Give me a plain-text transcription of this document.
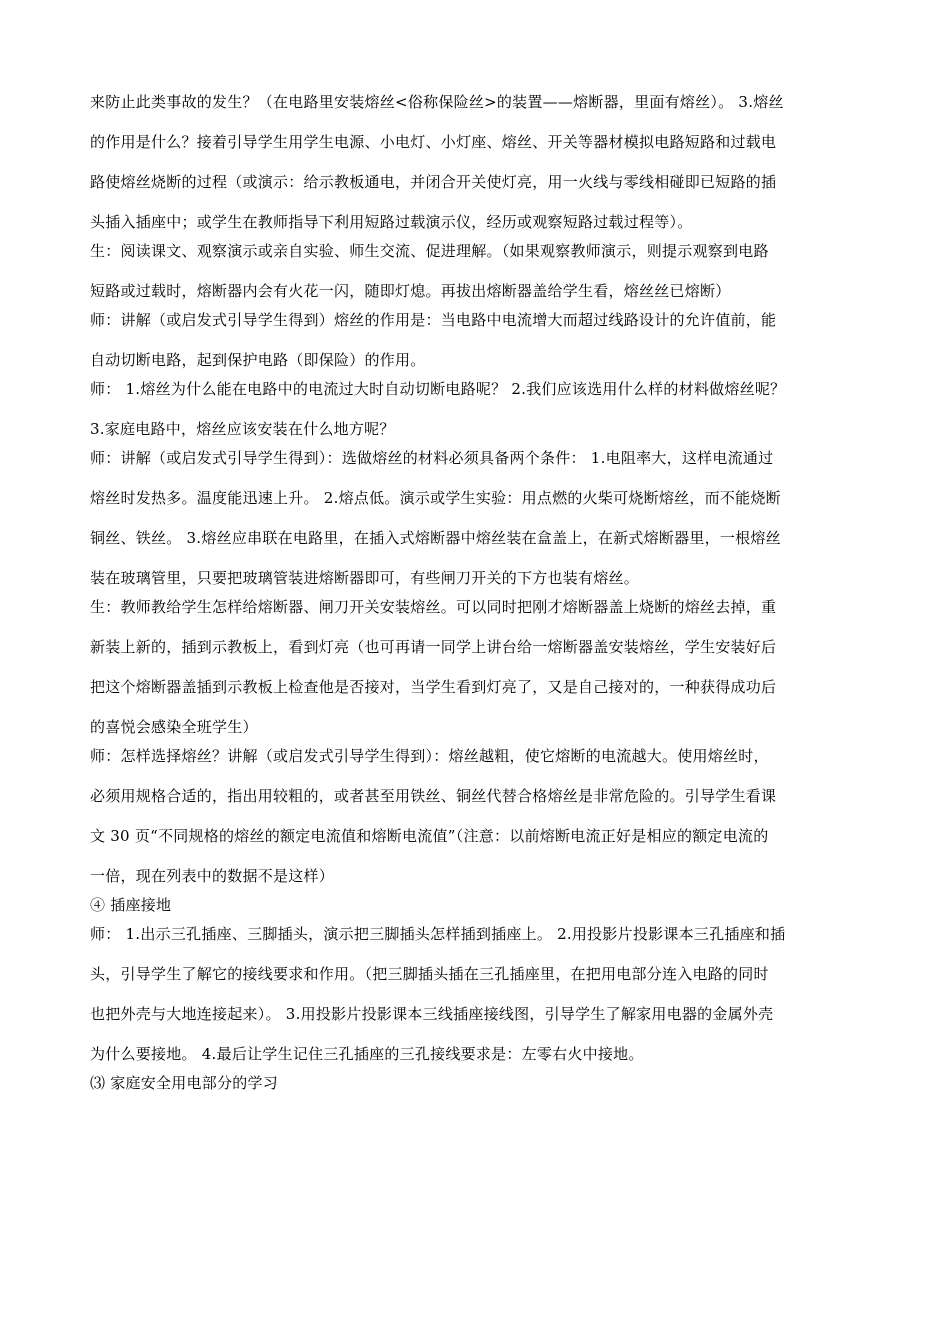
来防止此类事故的发生？（在电路里安装熔丝<俗称保险丝>的装置——熔断器，里面有熔丝）。 3.熔丝
的作用是什么？接着引导学生用学生电源、小电灯、小灯座、熔丝、开关等器材模拟电路短路和过载电
路使熔丝烧断的过程（或演示：给示教板通电，并闭合开关使灯亮，用一火线与零线相碰即已短路的插
头插入插座中；或学生在教师指导下利用短路过载演示仪，经历或观察短路过载过程等）。
生：阅读课文、观察演示或亲自实验、师生交流、促进理解。（如果观察教师演示，则提示观察到电路
短路或过载时，熔断器内会有火花一闪，随即灯熄。再拔出熔断器盖给学生看，熔丝丝已熔断）
师：讲解（或启发式引导学生得到）熔丝的作用是：当电路中电流增大而超过线路设计的允许值前，能
自动切断电路，起到保护电路（即保险）的作用。
师： 1.熔丝为什么能在电路中的电流过大时自动切断电路呢？ 2.我们应该选用什么样的材料做熔丝呢？
3.家庭电路中，熔丝应该安装在什么地方呢？
师：讲解（或启发式引导学生得到）：选做熔丝的材料必须具备两个条件： 1.电阻率大，这样电流通过
熔丝时发热多。温度能迅速上升。 2.熔点低。演示或学生实验：用点燃的火柴可烧断熔丝，而不能烧断
铜丝、铁丝。 3.熔丝应串联在电路里，在插入式熔断器中熔丝装在盒盖上，在新式熔断器里，一根熔丝
装在玻璃管里，只要把玻璃管装进熔断器即可，有些闸刀开关的下方也装有熔丝。
生：教师教给学生怎样给熔断器、闸刀开关安装熔丝。可以同时把刚才熔断器盖上烧断的熔丝去掉，重
新装上新的，插到示教板上，看到灯亮（也可再请一同学上讲台给一熔断器盖安装熔丝，学生安装好后
把这个熔断器盖插到示教板上检查他是否接对，当学生看到灯亮了，又是自己接对的，一种获得成功后
的喜悦会感染全班学生）
师：怎样选择熔丝？讲解（或启发式引导学生得到）：熔丝越粗，使它熔断的电流越大。使用熔丝时，
必须用规格合适的，指出用较粗的，或者甚至用铁丝、铜丝代替合格熔丝是非常危险的。引导学生看课
文 30 页“不同规格的熔丝的额定电流值和熔断电流值”（注意：以前熔断电流正好是相应的额定电流的
一倍，现在列表中的数据不是这样）
④ 插座接地
师： 1.出示三孔插座、三脚插头，演示把三脚插头怎样插到插座上。 2.用投影片投影课本三孔插座和插
头，引导学生了解它的接线要求和作用。（把三脚插头插在三孔插座里，在把用电部分连入电路的同时
也把外壳与大地连接起来）。 3.用投影片投影课本三线插座接线图，引导学生了解家用电器的金属外壳
为什么要接地。 4.最后让学生记住三孔插座的三孔接线要求是：左零右火中接地。
⑶ 家庭安全用电部分的学习
